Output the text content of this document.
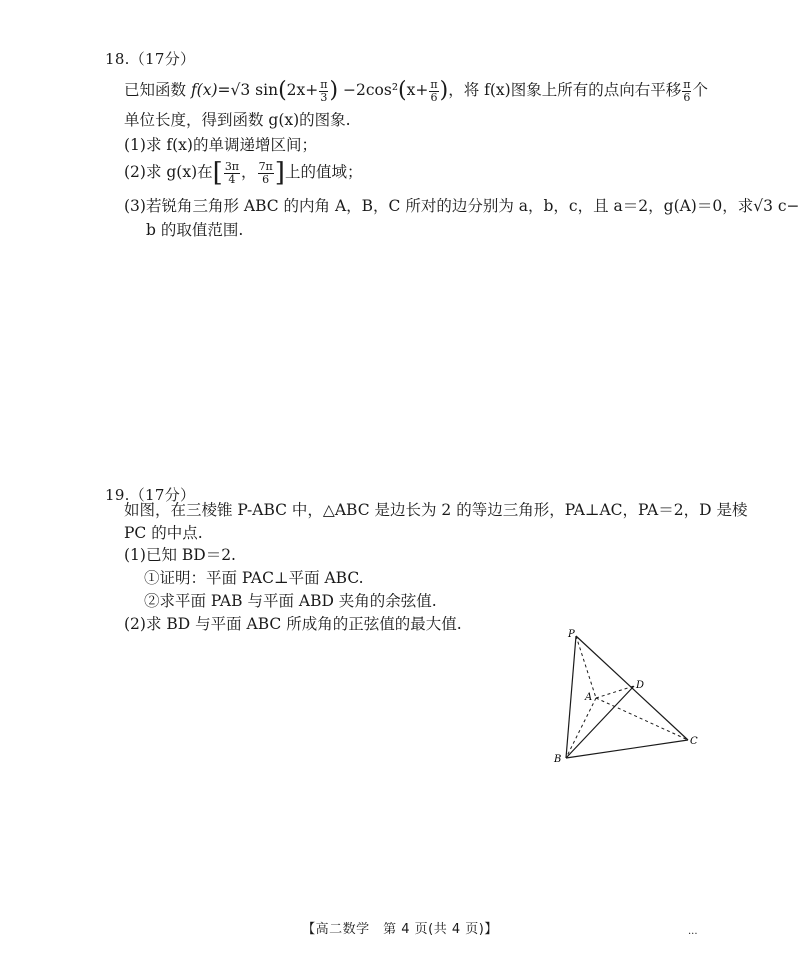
18.（17分）
已知函数 f(x)=√3 $\sin(2x+ \frac{\pi}{3}$ ) $-2\cos^2(x+ \frac{\pi}{6}$ )，将 f(x)图象上所有的点向右平移 $\frac{\pi}{6}$ 个
单位长度，得到函数 g(x)的图象.
(1)求 f(x)的单调递增区间；
(2)求 g(x)在[ $\frac{3\pi}{4}$ ， $\frac{7\pi}{6}$ ]上的值域；
(3)若锐角三角形 ABC 的内角 A，B，C 所对的边分别为 a，b，c，且 a＝2，g(A)＝0，求√3 c−
b 的取值范围.
19.（17分）
如图，在三棱锥 P-ABC 中，△ABC 是边长为 2 的等边三角形，PA⊥AC，PA＝2，D 是棱
PC 的中点.
(1)已知 BD＝2.
①证明：平面 PAC⊥平面 ABC.
②求平面 PAB 与平面 ABD 夹角的余弦值.
(2)求 BD 与平面 ABC 所成角的正弦值的最大值.
P
A
D
B
C
【高二数学　第 4 页(共 4 页)】	...
